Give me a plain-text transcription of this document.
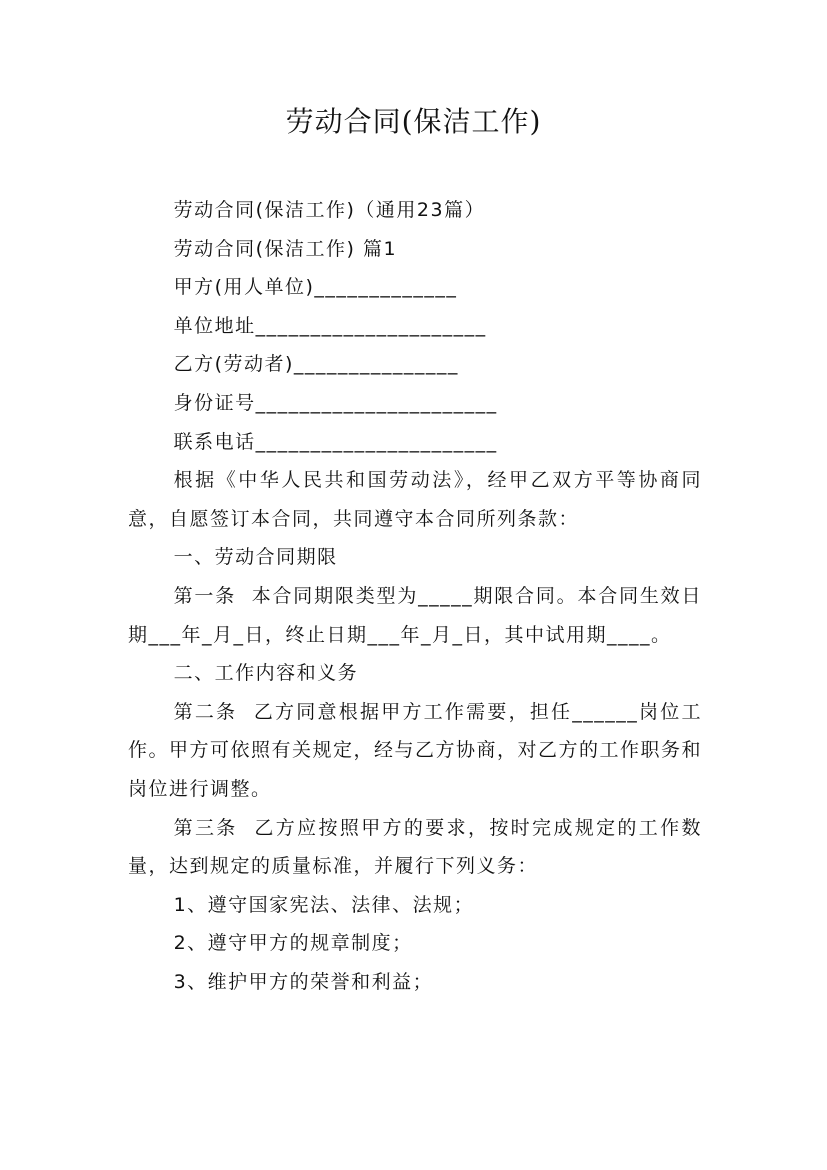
劳动合同(保洁工作)

劳动合同(保洁工作)（通用23篇）

劳动合同(保洁工作) 篇1

甲方(用人单位)_____________

单位地址_____________________

乙方(劳动者)_______________

身份证号______________________

联系电话______________________

根据《中华人民共和国劳动法》，经甲乙双方平等协商同意，自愿签订本合同，共同遵守本合同所列条款：

一、劳动合同期限

第一条  本合同期限类型为_____期限合同。本合同生效日期___年_月_日，终止日期___年_月_日，其中试用期____。

二、工作内容和义务

第二条  乙方同意根据甲方工作需要，担任______岗位工作。甲方可依照有关规定，经与乙方协商，对乙方的工作职务和岗位进行调整。

第三条  乙方应按照甲方的要求，按时完成规定的工作数量，达到规定的质量标准，并履行下列义务：

1、遵守国家宪法、法律、法规；

2、遵守甲方的规章制度；

3、维护甲方的荣誉和利益；
